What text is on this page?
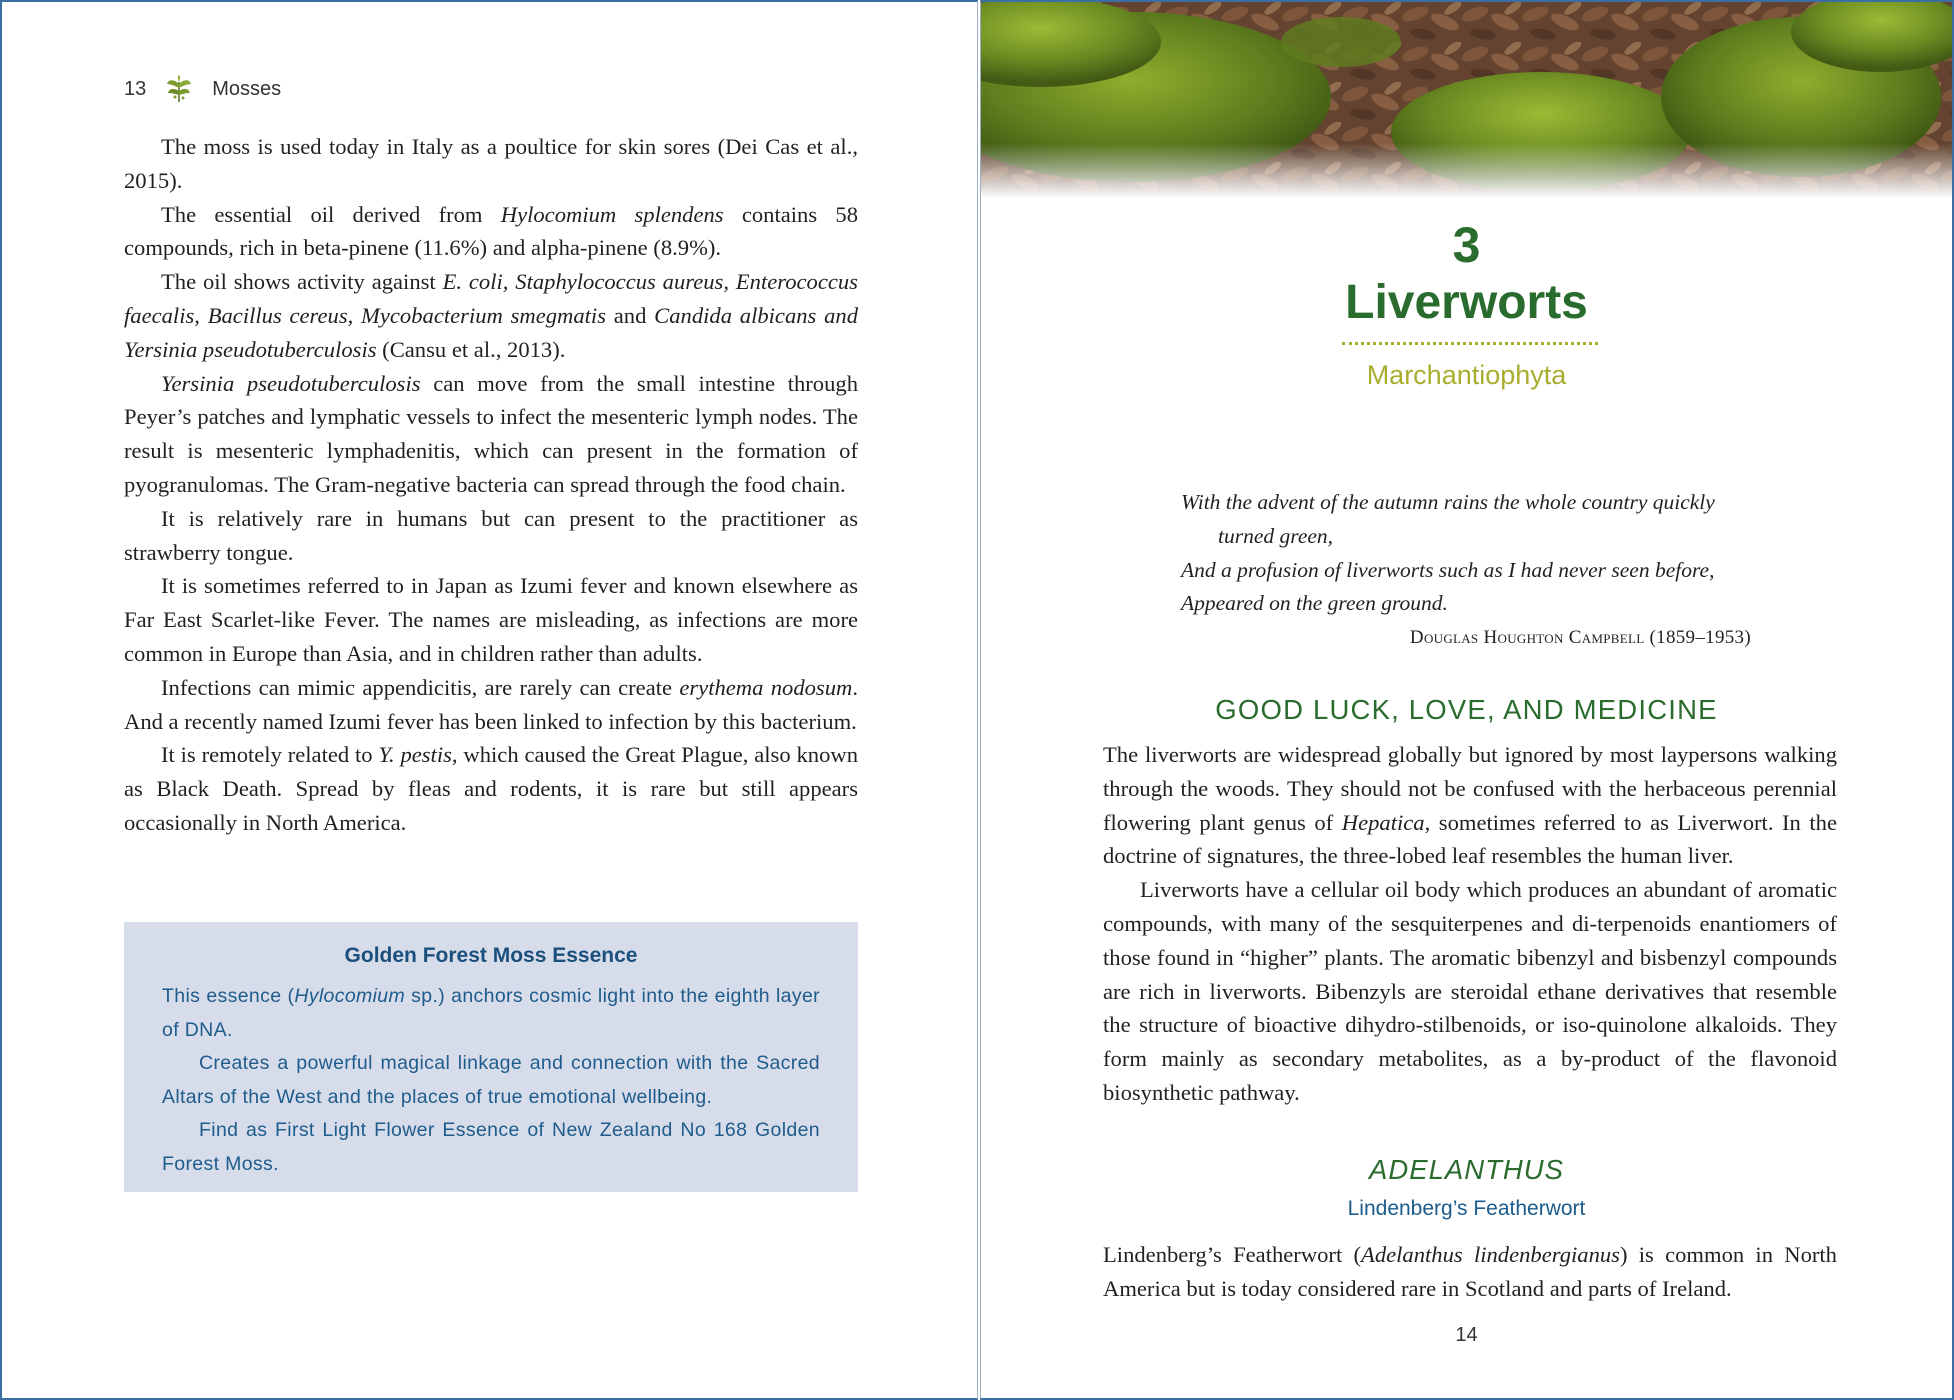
13	Mosses

The moss is used today in Italy as a poultice for skin sores (Dei Cas et al., 2015).

The essential oil derived from Hylocomium splendens contains 58 compounds, rich in beta-pinene (11.6%) and alpha-pinene (8.9%).

The oil shows activity against E. coli, Staphylococcus aureus, Enterococcus faecalis, Bacillus cereus, Mycobacterium smegmatis and Candida albicans and Yersinia pseudotuberculosis (Cansu et al., 2013).

Yersinia pseudotuberculosis can move from the small intestine through Peyer’s patches and lymphatic vessels to infect the mesenteric lymph nodes. The result is mesenteric lymphadenitis, which can present in the formation of pyogranulomas. The Gram-negative bacteria can spread through the food chain.

It is relatively rare in humans but can present to the practitioner as strawberry tongue.

It is sometimes referred to in Japan as Izumi fever and known elsewhere as Far East Scarlet-like Fever. The names are misleading, as infections are more common in Europe than Asia, and in children rather than adults.

Infections can mimic appendicitis, are rarely can create erythema nodosum. And a recently named Izumi fever has been linked to infection by this bacterium.

It is remotely related to Y. pestis, which caused the Great Plague, also known as Black Death. Spread by fleas and rodents, it is rare but still appears occasionally in North America.

Golden Forest Moss Essence

This essence (Hylocomium sp.) anchors cosmic light into the eighth layer of DNA.

Creates a powerful magical linkage and connection with the Sacred Altars of the West and the places of true emotional wellbeing.

Find as First Light Flower Essence of New Zealand No 168 Golden Forest Moss.

3
Liverworts
Marchantiophyta
With the advent of the autumn rains the whole country quickly
turned green,
And a profusion of liverworts such as I had never seen before,
Appeared on the green ground.
Douglas Houghton Campbell (1859–1953)
GOOD LUCK, LOVE, AND MEDICINE

The liverworts are widespread globally but ignored by most laypersons walking through the woods. They should not be confused with the herbaceous perennial flowering plant genus of Hepatica, sometimes referred to as Liverwort. In the doctrine of signatures, the three-lobed leaf resembles the human liver.

Liverworts have a cellular oil body which produces an abundant of aromatic compounds, with many of the sesquiterpenes and di-terpenoids enantiomers of those found in “higher” plants. The aromatic bibenzyl and bisbenzyl compounds are rich in liverworts. Bibenzyls are steroidal ethane derivatives that resemble the structure of bioactive dihydro-stilbenoids, or iso-quinolone alkaloids. They form mainly as secondary metabolites, as a by-product of the flavonoid biosynthetic pathway.

ADELANTHUS
Lindenberg’s Featherwort

Lindenberg’s Featherwort (Adelanthus lindenbergianus) is common in North America but is today considered rare in Scotland and parts of Ireland.

14
